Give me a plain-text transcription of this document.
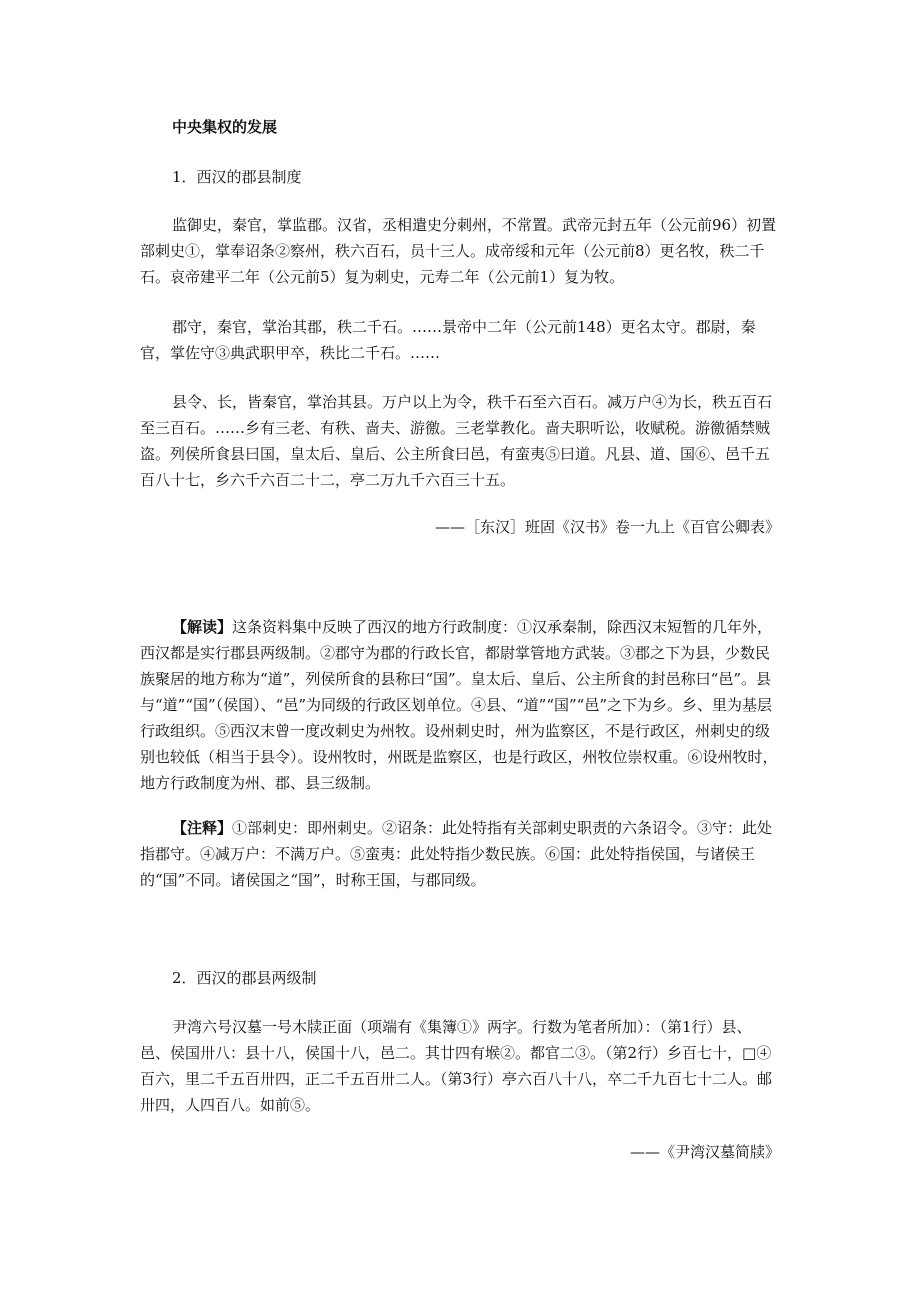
中央集权的发展
1．西汉的郡县制度
监御史，秦官，掌监郡。汉省，丞相遣史分刺州，不常置。武帝元封五年（公元前96）初置部刺史①，掌奉诏条②察州，秩六百石，员十三人。成帝绥和元年（公元前8）更名牧，秩二千石。哀帝建平二年（公元前5）复为刺史，元寿二年（公元前1）复为牧。
郡守，秦官，掌治其郡，秩二千石。……景帝中二年（公元前148）更名太守。郡尉，秦官，掌佐守③典武职甲卒，秩比二千石。……
县令、长，皆秦官，掌治其县。万户以上为令，秩千石至六百石。减万户④为长，秩五百石至三百石。……乡有三老、有秩、啬夫、游徼。三老掌教化。啬夫职听讼，收赋税。游徼循禁贼盗。列侯所食县曰国，皇太后、皇后、公主所食曰邑，有蛮夷⑤曰道。凡县、道、国⑥、邑千五百八十七，乡六千六百二十二，亭二万九千六百三十五。
——［东汉］班固《汉书》卷一九上《百官公卿表》
【解读】这条资料集中反映了西汉的地方行政制度：①汉承秦制，除西汉末短暂的几年外，西汉都是实行郡县两级制。②郡守为郡的行政长官，都尉掌管地方武装。③郡之下为县，少数民族聚居的地方称为“道”，列侯所食的县称曰“国”。皇太后、皇后、公主所食的封邑称曰“邑”。县与“道”“国”（侯国）、“邑”为同级的行政区划单位。④县、“道”“国”“邑”之下为乡。乡、里为基层行政组织。⑤西汉末曾一度改刺史为州牧。设州刺史时，州为监察区，不是行政区，州刺史的级别也较低（相当于县令）。设州牧时，州既是监察区，也是行政区，州牧位崇权重。⑥设州牧时，地方行政制度为州、郡、县三级制。
【注释】①部刺史：即州刺史。②诏条：此处特指有关部刺史职责的六条诏令。③守：此处指郡守。④减万户：不满万户。⑤蛮夷：此处特指少数民族。⑥国：此处特指侯国，与诸侯王的“国”不同。诸侯国之“国”，时称王国，与郡同级。
2．西汉的郡县两级制
尹湾六号汉墓一号木牍正面（项端有《集簿①》两字。行数为笔者所加）：（第1行）县、邑、侯国卅八：县十八，侯国十八，邑二。其廿四有堠②。都官二③。（第2行）乡百七十，□④百六，里二千五百卅四，正二千五百卅二人。（第3行）亭六百八十八，卒二千九百七十二人。邮卅四，人四百八。如前⑤。
——《尹湾汉墓简牍》
